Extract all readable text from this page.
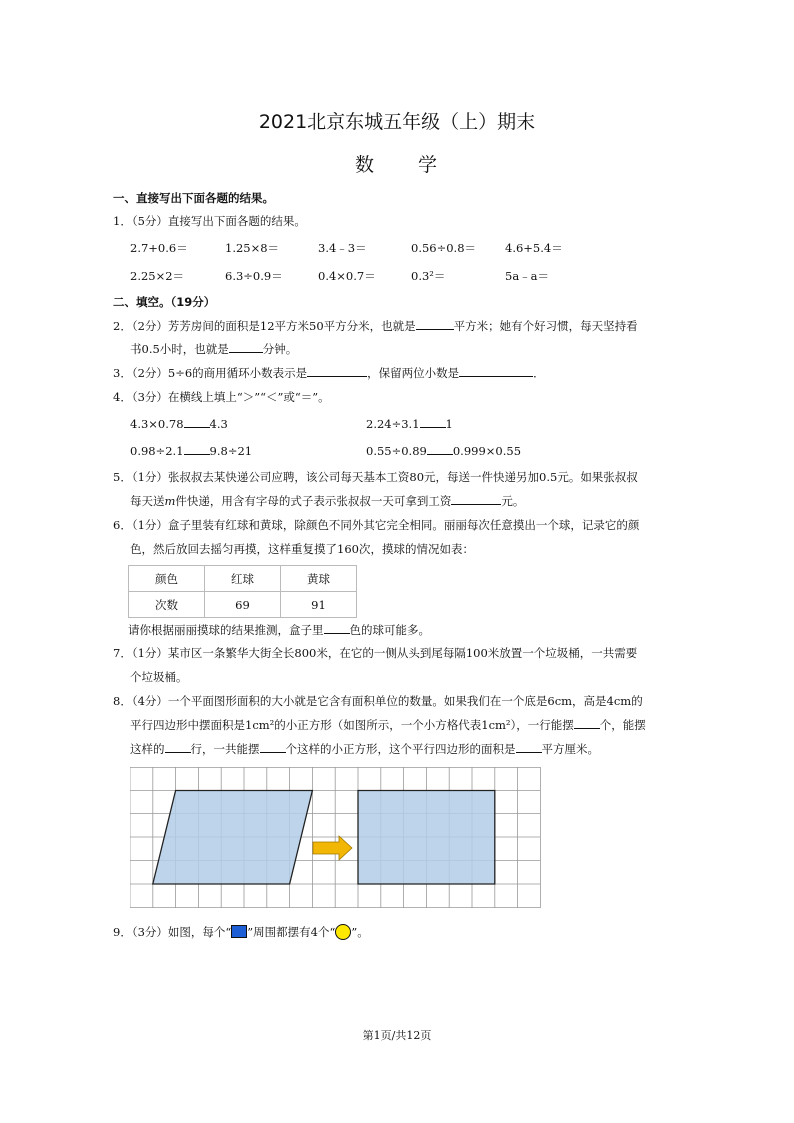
2021北京东城五年级（上）期末
数　　学
一、直接写出下面各题的结果。
1．（5分）直接写出下面各题的结果。
2.7+0.6＝	1.25×8＝	3.4﹣3＝	0.56÷0.8＝	4.6+5.4＝
2.25×2＝	6.3÷0.9＝	0.4×0.7＝	0.3²＝	5a﹣a＝
二、填空。（19分）
2．（2分）芳芳房间的面积是12平方米50平方分米，也就是	平方米；她有个好习惯，每天坚持看
书0.5小时，也就是	分钟。
3．（2分）5÷6的商用循环小数表示是	，保留两位小数是	．
4．（3分）在横线上填上“＞”“＜”或“＝”。
4.3×0.78 4.3	2.24÷3.1 1
0.98÷2.1 9.8÷21	0.55÷0.89 0.999×0.55
5．（1分）张叔叔去某快递公司应聘，该公司每天基本工资80元，每送一件快递另加0.5元。如果张叔叔
每天送m件快递，用含有字母的式子表示张叔叔一天可拿到工资	元。
6．（1分）盒子里装有红球和黄球，除颜色不同外其它完全相同。丽丽每次任意摸出一个球，记录它的颜
色，然后放回去摇匀再摸，这样重复摸了160次，摸球的情况如表：
颜色	红球	黄球
次数	69	91
请你根据丽丽摸球的结果推测，盒子里 色的球可能多。
7．（1分）某市区一条繁华大街全长800米，在它的一侧从头到尾每隔100米放置一个垃圾桶，一共需要
个垃圾桶。
8．（4分）一个平面图形面积的大小就是它含有面积单位的数量。如果我们在一个底是6cm，高是4cm的
平行四边形中摆面积是1cm²的小正方形（如图所示，一个小方格代表1cm²），一行能摆 个，能摆
这样的 行，一共能摆 个这样的小正方形，这个平行四边形的面积是 平方厘米。
9．（3分）如图，每个“ ”周围都摆有4个“ ”。
第1页/共12页
